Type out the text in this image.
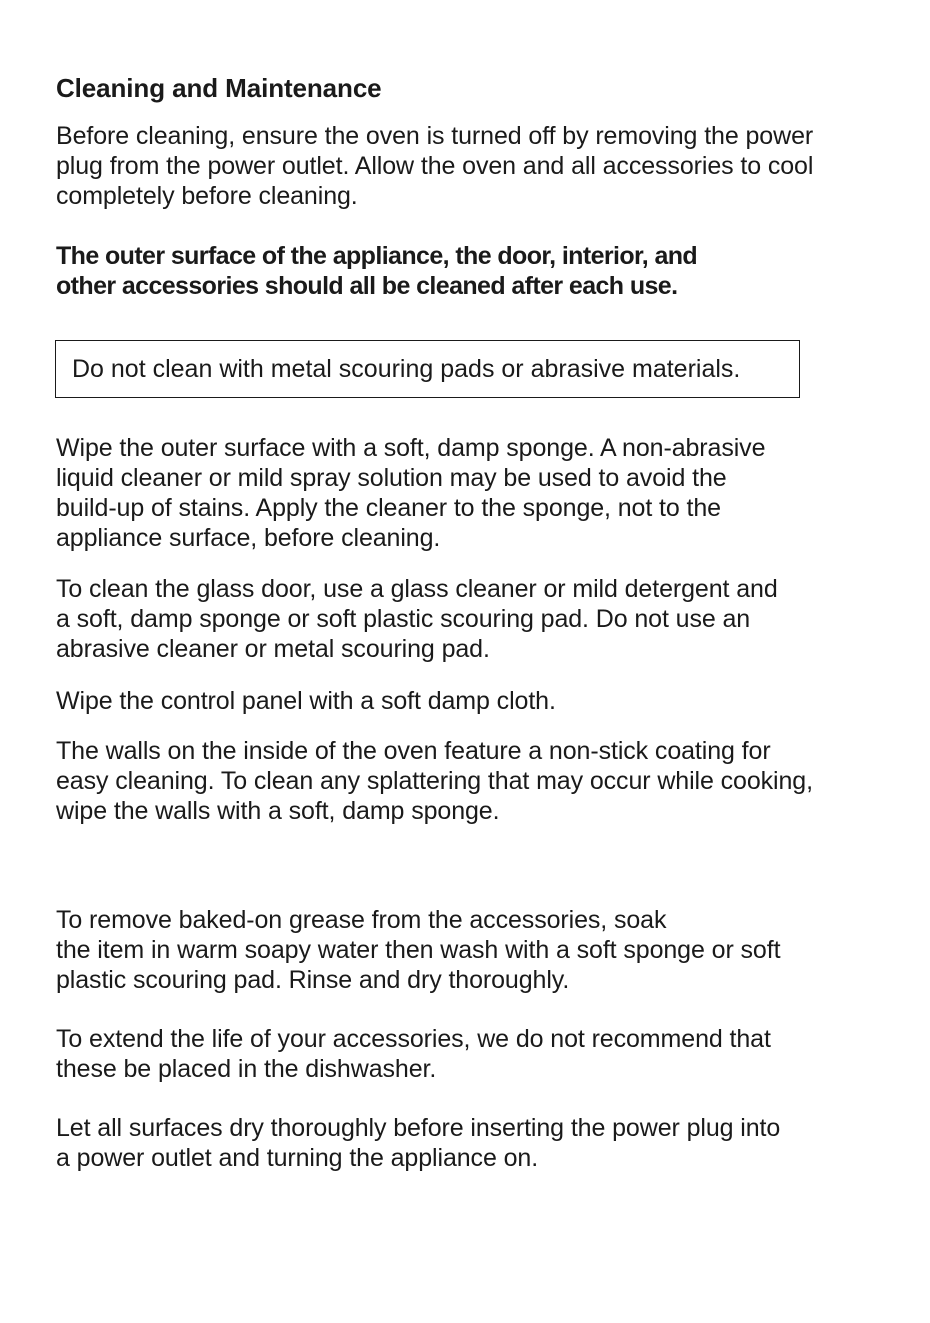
Cleaning and Maintenance

Before cleaning, ensure the oven is turned off by removing the power
plug from the power outlet. Allow the oven and all accessories to cool
completely before cleaning.

The outer surface of the appliance, the door, interior, and
other accessories should all be cleaned after each use.

Do not clean with metal scouring pads or abrasive materials.

Wipe the outer surface with a soft, damp sponge. A non-abrasive
liquid cleaner or mild spray solution may be used to avoid the
build-up of stains. Apply the cleaner to the sponge, not to the
appliance surface, before cleaning.

To clean the glass door, use a glass cleaner or mild detergent and
a soft, damp sponge or soft plastic scouring pad. Do not use an
abrasive cleaner or metal scouring pad.

Wipe the control panel with a soft damp cloth.

The walls on the inside of the oven feature a non-stick coating for
easy cleaning. To clean any splattering that may occur while cooking,
wipe the walls with a soft, damp sponge.

To remove baked-on grease from the accessories, soak
the item in warm soapy water then wash with a soft sponge or soft
plastic scouring pad. Rinse and dry thoroughly.

To extend the life of your accessories, we do not recommend that
these be placed in the dishwasher.

Let all surfaces dry thoroughly before inserting the power plug into
a power outlet and turning the appliance on.
